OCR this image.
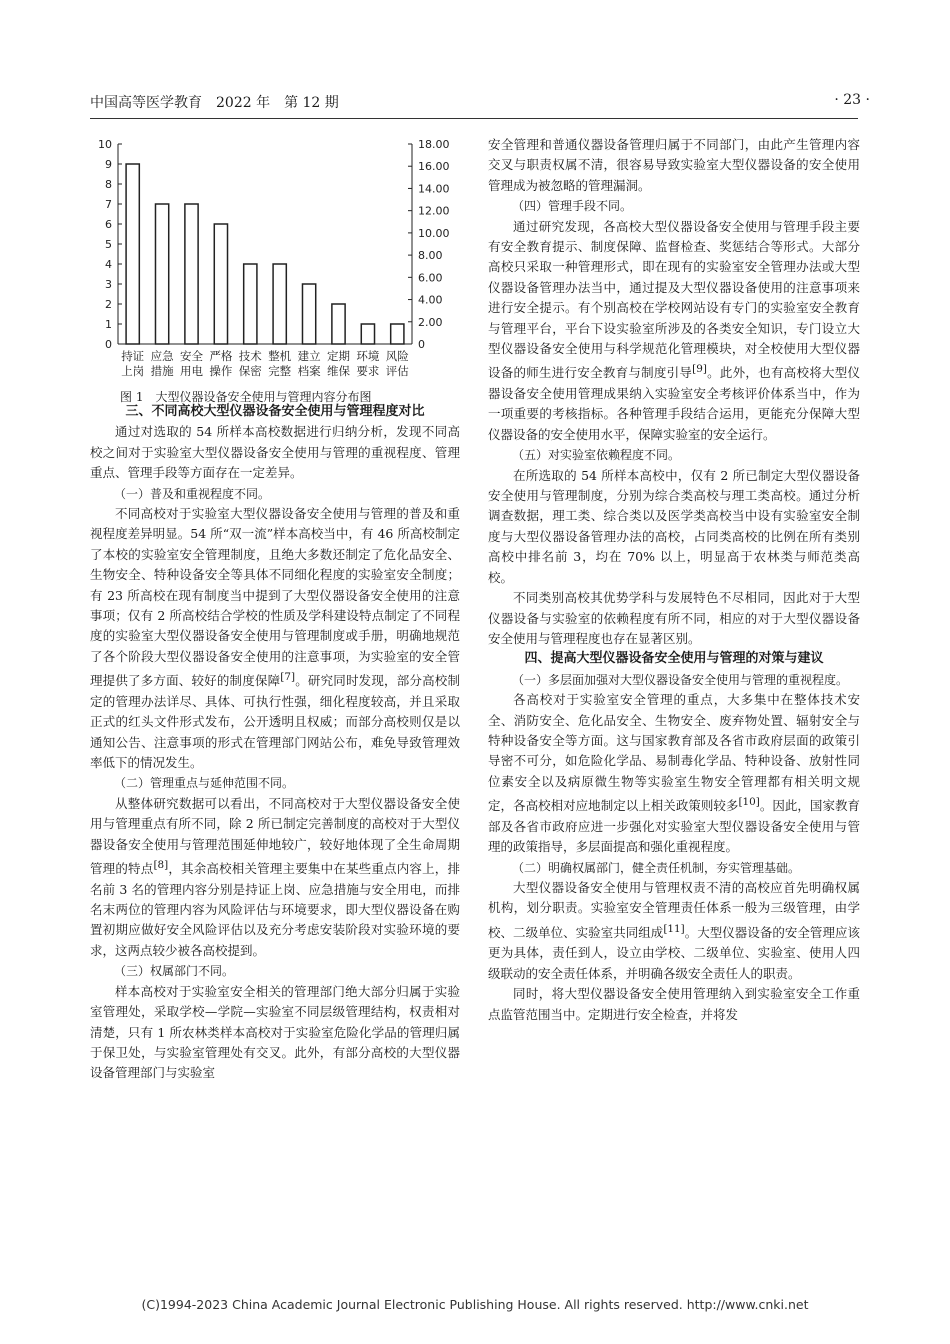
中国高等医学教育　2022 年　第 12 期	· 23 ·
0
1
2
3
4
5
6
7
8
9
10
0
2.00
4.00
6.00
8.00
10.00
12.00
14.00
16.00
18.00
持证
上岗
应急
措施
安全
用电
严格
操作
技术
保密
整机
完整
建立
档案
定期
维保
环境
要求
风险
评估
图 1　大型仪器设备安全使用与管理内容分布图
三、不同高校大型仪器设备安全使用与管理程度对比

通过对选取的 54 所样本高校数据进行归纳分析，发现不同高校之间对于实验室大型仪器设备安全使用与管理的重视程度、管理重点、管理手段等方面存在一定差异。

（一）普及和重视程度不同。

不同高校对于实验室大型仪器设备安全使用与管理的普及和重视程度差异明显。54 所“双一流”样本高校当中，有 46 所高校制定了本校的实验室安全管理制度，且绝大多数还制定了危化品安全、生物安全、特种设备安全等具体不同细化程度的实验室安全制度；有 23 所高校在现有制度当中提到了大型仪器设备安全使用的注意事项；仅有 2 所高校结合学校的性质及学科建设特点制定了不同程度的实验室大型仪器设备安全使用与管理制度或手册，明确地规范了各个阶段大型仪器设备安全使用的注意事项，为实验室的安全管理提供了多方面、较好的制度保障[7]。研究同时发现，部分高校制定的管理办法详尽、具体、可执行性强，细化程度较高，并且采取正式的红头文件形式发布，公开透明且权威；而部分高校则仅是以通知公告、注意事项的形式在管理部门网站公布，难免导致管理效率低下的情况发生。

（二）管理重点与延伸范围不同。

从整体研究数据可以看出，不同高校对于大型仪器设备安全使用与管理重点有所不同，除 2 所已制定完善制度的高校对于大型仪器设备安全使用与管理范围延伸地较广，较好地体现了全生命周期管理的特点[8]，其余高校相关管理主要集中在某些重点内容上，排名前 3 名的管理内容分别是持证上岗、应急措施与安全用电，而排名末两位的管理内容为风险评估与环境要求，即大型仪器设备在购置初期应做好安全风险评估以及充分考虑安装阶段对实验环境的要求，这两点较少被各高校提到。

（三）权属部门不同。

样本高校对于实验室安全相关的管理部门绝大部分归属于实验室管理处，采取学校—学院—实验室不同层级管理结构，权责相对清楚，只有 1 所农林类样本高校对于实验室危险化学品的管理归属于保卫处，与实验室管理处有交叉。此外，有部分高校的大型仪器设备管理部门与实验室

安全管理和普通仪器设备管理归属于不同部门，由此产生管理内容交叉与职责权属不清，很容易导致实验室大型仪器设备的安全使用管理成为被忽略的管理漏洞。

（四）管理手段不同。

通过研究发现，各高校大型仪器设备安全使用与管理手段主要有安全教育提示、制度保障、监督检查、奖惩结合等形式。大部分高校只采取一种管理形式，即在现有的实验室安全管理办法或大型仪器设备管理办法当中，通过提及大型仪器设备使用的注意事项来进行安全提示。有个别高校在学校网站设有专门的实验室安全教育与管理平台，平台下设实验室所涉及的各类安全知识，专门设立大型仪器设备安全使用与科学规范化管理模块，对全校使用大型仪器设备的师生进行安全教育与制度引导[9]。此外，也有高校将大型仪器设备安全使用管理成果纳入实验室安全考核评价体系当中，作为一项重要的考核指标。各种管理手段结合运用，更能充分保障大型仪器设备的安全使用水平，保障实验室的安全运行。

（五）对实验室依赖程度不同。

在所选取的 54 所样本高校中，仅有 2 所已制定大型仪器设备安全使用与管理制度，分别为综合类高校与理工类高校。通过分析调查数据，理工类、综合类以及医学类高校当中设有实验室安全制度与大型仪器设备管理办法的高校，占同类高校的比例在所有类别高校中排名前 3，均在 70% 以上，明显高于农林类与师范类高校。

不同类别高校其优势学科与发展特色不尽相同，因此对于大型仪器设备与实验室的依赖程度有所不同，相应的对于大型仪器设备安全使用与管理程度也存在显著区别。

四、提高大型仪器设备安全使用与管理的对策与建议
（一）多层面加强对大型仪器设备安全使用与管理的重视程度。

各高校对于实验室安全管理的重点，大多集中在整体技术安全、消防安全、危化品安全、生物安全、废弃物处置、辐射安全与特种设备安全等方面。这与国家教育部及各省市政府层面的政策引导密不可分，如危险化学品、易制毒化学品、特种设备、放射性同位素安全以及病原微生物等实验室生物安全管理都有相关明文规定，各高校相对应地制定以上相关政策则较多[10]。因此，国家教育部及各省市政府应进一步强化对实验室大型仪器设备安全使用与管理的政策指导，多层面提高和强化重视程度。

（二）明确权属部门，健全责任机制，夯实管理基础。

大型仪器设备安全使用与管理权责不清的高校应首先明确权属机构，划分职责。实验室安全管理责任体系一般为三级管理，由学校、二级单位、实验室共同组成[11]。大型仪器设备的安全管理应该更为具体，责任到人，设立由学校、二级单位、实验室、使用人四级联动的安全责任体系，并明确各级安全责任人的职责。

同时，将大型仪器设备安全使用管理纳入到实验室安全工作重点监管范围当中。定期进行安全检查，并将发

(C)1994-2023 China Academic Journal Electronic Publishing House. All rights reserved. http://www.cnki.net
